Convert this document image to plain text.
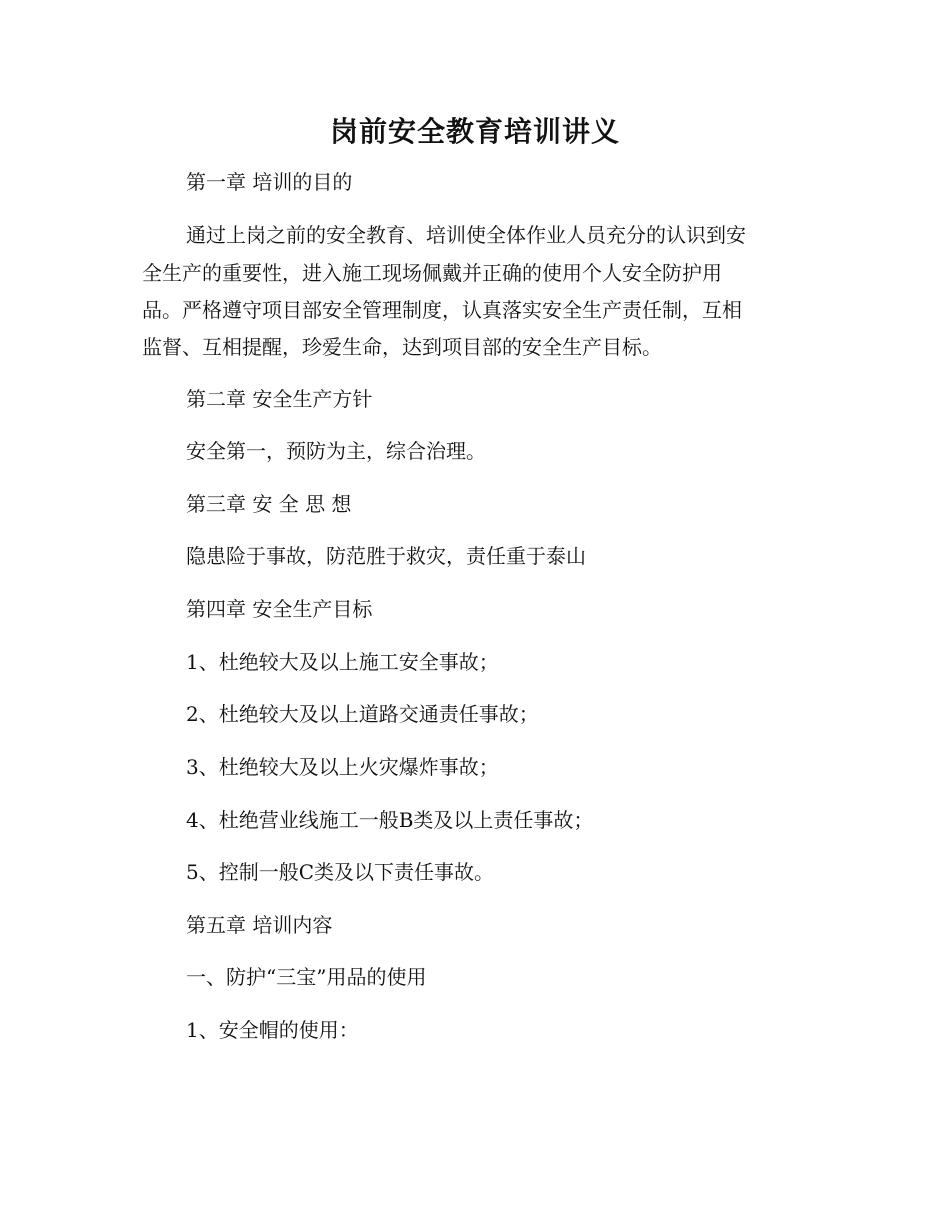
岗前安全教育培训讲义
第一章 培训的目的
通过上岗之前的安全教育、培训使全体作业人员充分的认识到安
全生产的重要性，进入施工现场佩戴并正确的使用个人安全防护用
品。严格遵守项目部安全管理制度，认真落实安全生产责任制，互相
监督、互相提醒，珍爱生命，达到项目部的安全生产目标。
第二章 安全生产方针
安全第一，预防为主，综合治理。
第三章 安 全 思 想
隐患险于事故，防范胜于救灾，责任重于泰山
第四章 安全生产目标
1、杜绝较大及以上施工安全事故；
2、杜绝较大及以上道路交通责任事故；
3、杜绝较大及以上火灾爆炸事故；
4、杜绝营业线施工一般B类及以上责任事故；
5、控制一般C类及以下责任事故。
第五章 培训内容
一、防护“三宝”用品的使用
1、安全帽的使用：
